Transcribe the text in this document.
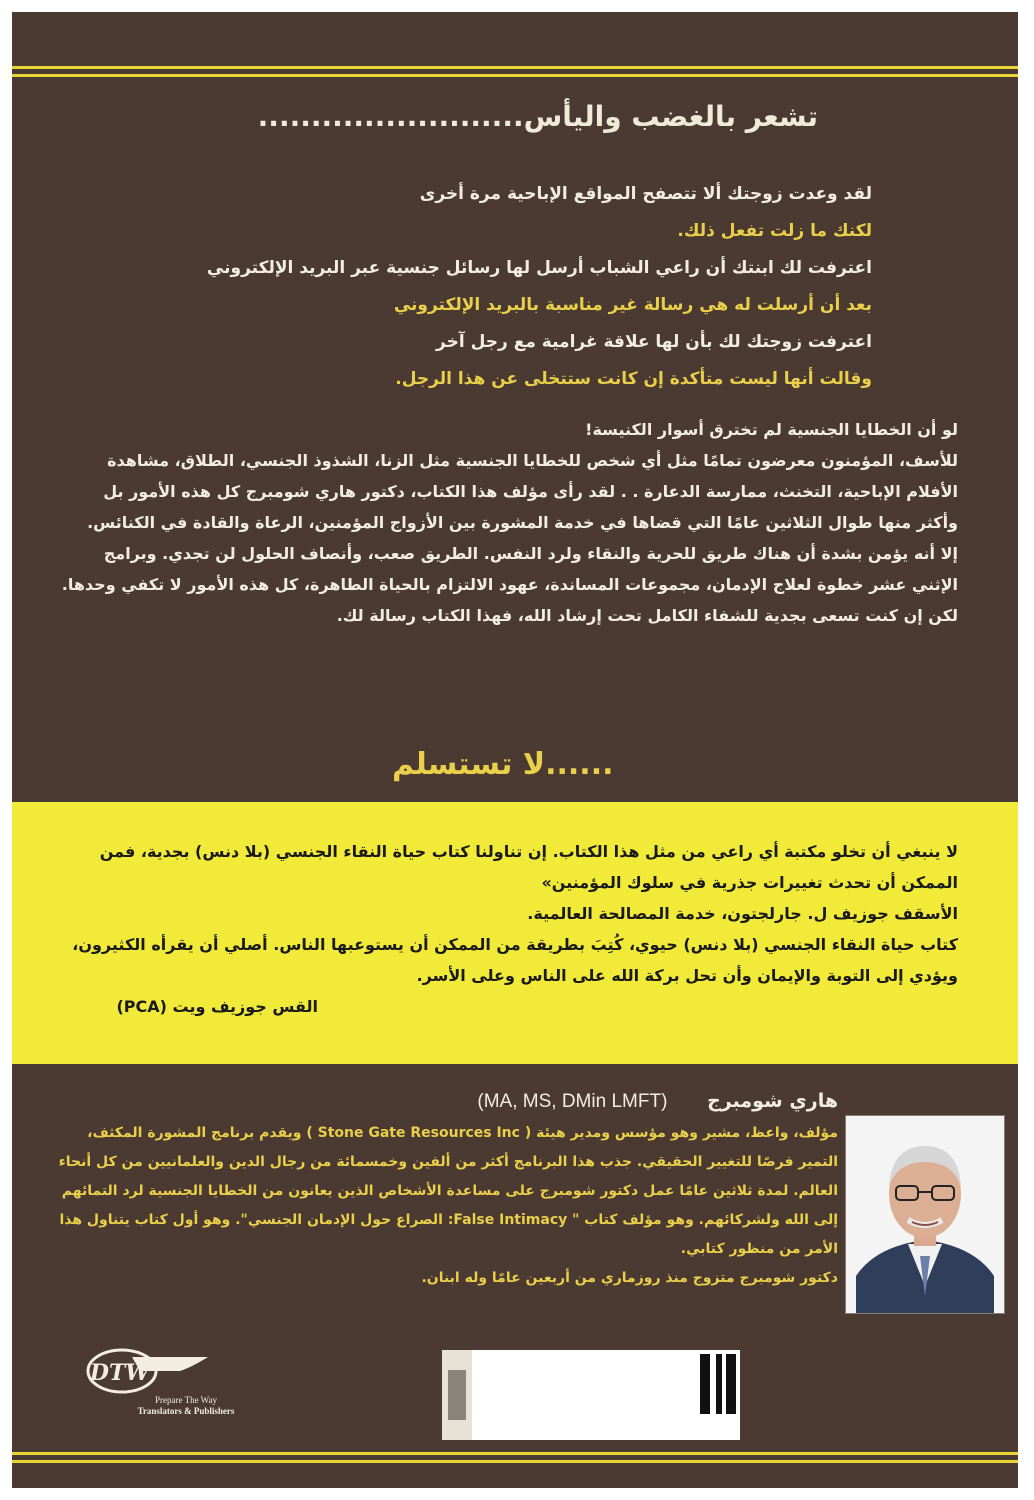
تشعر بالغضب واليأس.........................
لقد وعدت زوجتك ألا تتصفح المواقع الإباحية مرة أخرى
لكنك ما زلت تفعل ذلك.
اعترفت لك ابنتك أن راعي الشباب أرسل لها رسائل جنسية عبر البريد الإلكتروني
بعد أن أرسلت له هي رسالة غير مناسبة بالبريد الإلكتروني
اعترفت زوجتك لك بأن لها علاقة غرامية مع رجل آخر
وقالت أنها ليست متأكدة إن كانت ستتخلى عن هذا الرجل.

لو أن الخطايا الجنسية لم تخترق أسوار الكنيسة!

للأسف، المؤمنون معرضون تمامًا مثل أي شخص للخطايا الجنسية مثل الزنا، الشذوذ الجنسي، الطلاق، مشاهدة الأفلام الإباحية، التخنث، ممارسة الدعارة . . لقد رأى مؤلف هذا الكتاب، دكتور هاري شومبرج كل هذه الأمور بل وأكثر منها طوال الثلاثين عامًا التي قضاها في خدمة المشورة بين الأزواج المؤمنين، الرعاة والقادة في الكنائس.

إلا أنه يؤمن بشدة أن هناك طريق للحرية والنقاء ولرد النفس. الطريق صعب، وأنصاف الحلول لن تجدي. وبرامج الإثني عشر خطوة لعلاج الإدمان، مجموعات المساندة، عهود الالتزام بالحياة الطاهرة، كل هذه الأمور لا تكفي وحدها. لكن إن كنت تسعى بجدية للشفاء الكامل تحت إرشاد الله، فهذا الكتاب رسالة لك.

......لا تستسلم

لا ينبغي أن تخلو مكتبة أي راعي من مثل هذا الكتاب. إن تناولنا كتاب حياة النقاء الجنسي (بلا دنس) بجدية، فمن الممكن أن تحدث تغييرات جذرية في سلوك المؤمنين»

الأسقف جوزيف ل. جارلجتون، خدمة المصالحة العالمية.

كتاب حياة النقاء الجنسي (بلا دنس) حيوي، كُتِبَ بطريقة من الممكن أن يستوعبها الناس. أصلي أن يقرأه الكثيرون، ويؤدي إلى التوبة والإيمان وأن تحل بركة الله على الناس وعلى الأسر.

القس جوزيف ويت (PCA)

هاري شومبرج      (MA, MS, DMin LMFT)

مؤلف، واعظ، مشير وهو مؤسس ومدير هيئة ( Stone Gate Resources Inc ) ويقدم برنامج المشورة المكثف، التمير فرصًا للتغيير الحقيقي. جذب هذا البرنامج أكثر من ألفين وخمسمائة من رجال الدين والعلمانيين من كل أنحاء العالم. لمدة ثلاثين عامًا عمل دكتور شومبرج على مساعدة الأشخاص الذين يعانون من الخطايا الجنسية لرد التمائهم إلى الله ولشركائهم. وهو مؤلف كتاب " False Intimacy: الصراع حول الإدمان الجنسي". وهو أول كتاب يتناول هذا الأمر من منظور كتابي.

دكتور شومبرج متزوج منذ روزماري من أربعين عامًا وله ابنان.

DTW
Prepare The Way
Translators & Publishers
